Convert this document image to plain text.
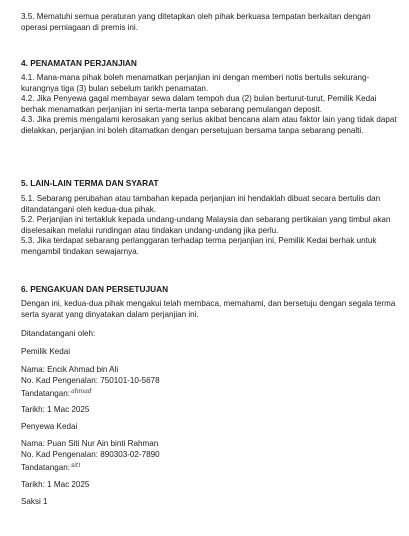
3.5. Mematuhi semua peraturan yang ditetapkan oleh pihak berkuasa tempatan berkaitan dengan operasi perniagaan di premis ini.

4. PENAMATAN PERJANJIAN

4.1. Mana-mana pihak boleh menamatkan perjanjian ini dengan memberi notis bertulis sekurang-kurangnya tiga (3) bulan sebelum tarikh penamatan.

4.2. Jika Penyewa gagal membayar sewa dalam tempoh dua (2) bulan berturut-turut, Pemilik Kedai berhak menamatkan perjanjian ini serta-merta tanpa sebarang pemulangan deposit.

4.3. Jika premis mengalami kerosakan yang serius akibat bencana alam atau faktor lain yang tidak dapat dielakkan, perjanjian ini boleh ditamatkan dengan persetujuan bersama tanpa sebarang penalti.

5. LAIN-LAIN TERMA DAN SYARAT

5.1. Sebarang perubahan atau tambahan kepada perjanjian ini hendaklah dibuat secara bertulis dan ditandatangani oleh kedua-dua pihak.

5.2. Perjanjian ini tertakluk kepada undang-undang Malaysia dan sebarang pertikaian yang timbul akan diselesaikan melalui rundingan atau tindakan undang-undang jika perlu.

5.3. Jika terdapat sebarang perlanggaran terhadap terma perjanjian ini, Pemilik Kedai berhak untuk mengambil tindakan sewajarnya.

6. PENGAKUAN DAN PERSETUJUAN
Dengan ini, kedua-dua pihak mengakui telah membaca, memahami, dan bersetuju dengan segala terma serta syarat yang dinyatakan dalam perjanjian ini.
Ditandatangani oleh:
Pemilik Kedai

Nama: Encik Ahmad bin Ali

No. Kad Pengenalan: 750101-10-5678

Tandatangan:$^{ahmad}$
Tarikh: 1 Mac 2025
Penyewa Kedai

Nama: Puan Siti Nur Ain binti Rahman

No. Kad Pengenalan: 890303-02-7890

Tandatangan:$^{siti}$
Tarikh: 1 Mac 2025
Saksi 1
